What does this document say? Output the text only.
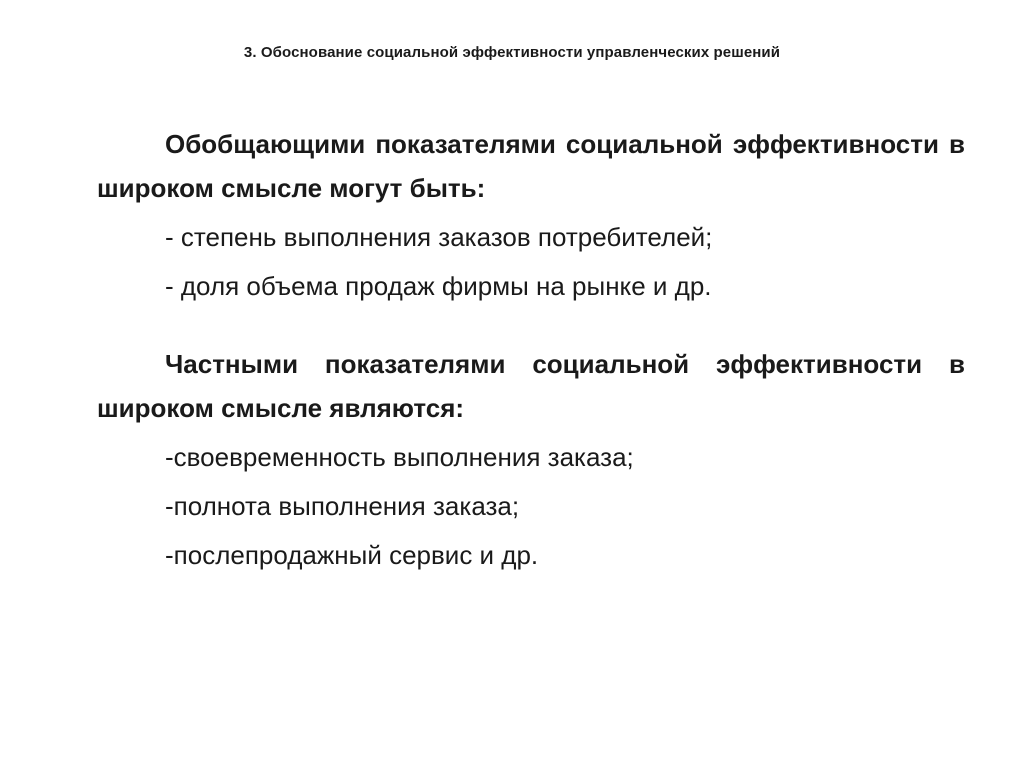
3. Обоснование социальной эффективности управленческих решений

Обобщающими показателями социальной эффективности в широком смысле могут быть:

- степень выполнения заказов потребителей;

- доля объема продаж фирмы на рынке и др.

Частными показателями социальной эффективности в широком смысле являются:

-своевременность выполнения заказа;

-полнота выполнения заказа;

-послепродажный сервис и др.
